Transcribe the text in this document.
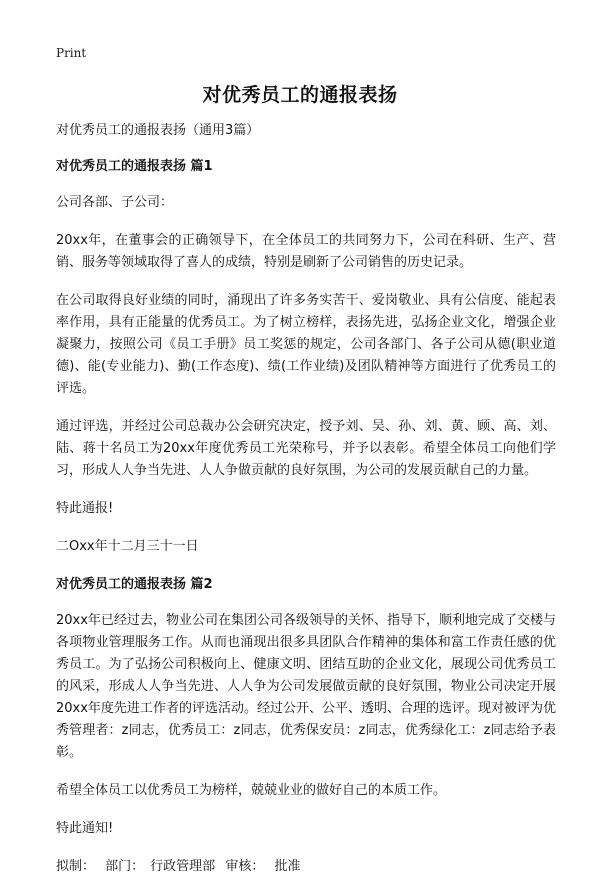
Print
对优秀员工的通报表扬

对优秀员工的通报表扬（通用3篇）

对优秀员工的通报表扬 篇1

公司各部、子公司：

20xx年，在董事会的正确领导下，在全体员工的共同努力下，公司在科研、生产、营销、服务等领域取得了喜人的成绩，特别是刷新了公司销售的历史记录。

在公司取得良好业绩的同时，涌现出了许多务实苦干、爱岗敬业、具有公信度、能起表率作用，具有正能量的优秀员工。为了树立榜样，表扬先进，弘扬企业文化，增强企业凝聚力，按照公司《员工手册》员工奖惩的规定，公司各部门、各子公司从德(职业道德)、能(专业能力)、勤(工作态度)、绩(工作业绩)及团队精神等方面进行了优秀员工的评选。

通过评选，并经过公司总裁办公会研究决定，授予刘、吴、孙、刘、黄、顾、高、刘、陆、蒋十名员工为20xx年度优秀员工光荣称号，并予以表彰。希望全体员工向他们学习，形成人人争当先进、人人争做贡献的良好氛围，为公司的发展贡献自己的力量。

特此通报!

二Oxx年十二月三十一日

对优秀员工的通报表扬 篇2

20xx年已经过去，物业公司在集团公司各级领导的关怀、指导下，顺利地完成了交楼与各项物业管理服务工作。从而也涌现出很多具团队合作精神的集体和富工作责任感的优秀员工。为了弘扬公司积极向上、健康文明、团结互助的企业文化，展现公司优秀员工的风采，形成人人争当先进、人人争为公司发展做贡献的良好氛围，物业公司决定开展20xx年度先进工作者的评选活动。经过公开、公平、透明、合理的选评。现对被评为优秀管理者：z同志，优秀员工：z同志，优秀保安员：z同志，优秀绿化工：z同志给予表彰。

希望全体员工以优秀员工为榜样，兢兢业业的做好自己的本质工作。

特此通知!

拟制： 部门： 行政管理部 审核： 批准
